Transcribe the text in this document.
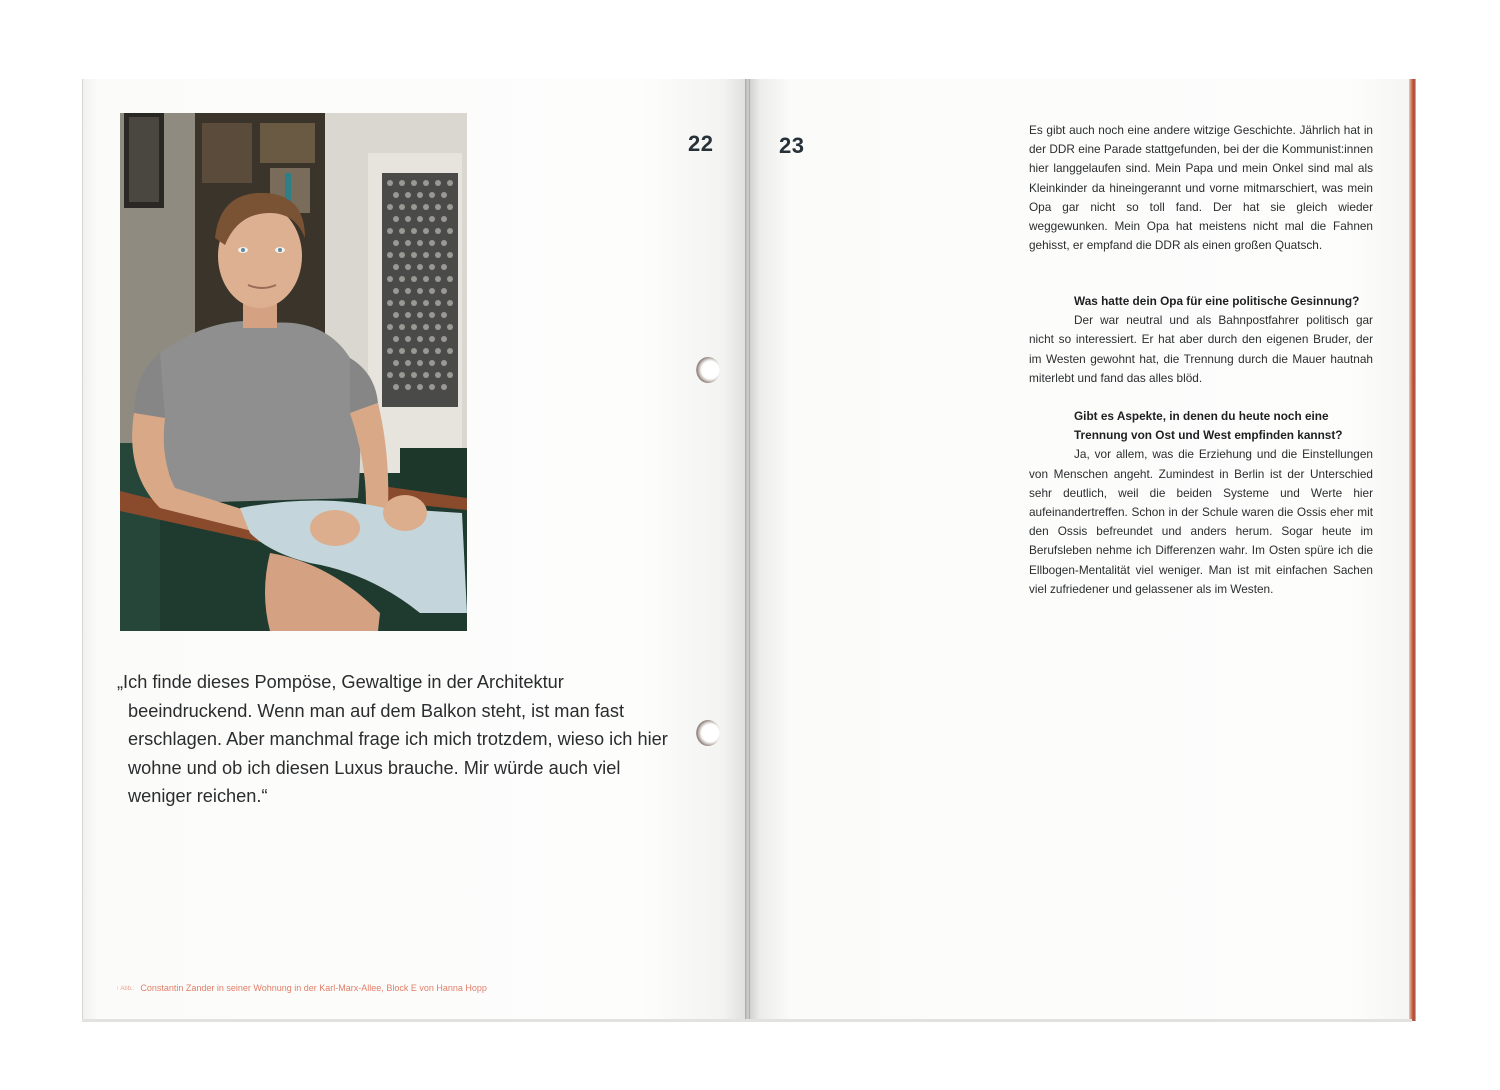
22

„Ich finde dieses Pompöse, Gewaltige in der Architektur beeindruckend. Wenn man auf dem Balkon steht, ist man fast erschlagen. Aber manchmal frage ich mich trotzdem, wieso ich hier wohne und ob ich diesen Luxus brauche. Mir würde auch viel weniger reichen.“

↑ Abb.: Constantin Zander in seiner Wohnung in der Karl-Marx-Allee, Block E von Hanna Hopp

23

Es gibt auch noch eine andere witzige Geschichte. Jährlich hat in der DDR eine Parade stattgefunden, bei der die Kommunist:innen hier langgelaufen sind. Mein Papa und mein Onkel sind mal als Kleinkinder da hineingerannt und vorne mitmarschiert, was mein Opa gar nicht so toll fand. Der hat sie gleich wieder weggewunken. Mein Opa hat meistens nicht mal die Fahnen gehisst, er empfand die DDR als einen großen Quatsch.

Was hatte dein Opa für eine politische Gesinnung?
Der war neutral und als Bahnpostfahrer politisch gar nicht so interessiert. Er hat aber durch den eigenen Bruder, der im Westen gewohnt hat, die Trennung durch die Mauer hautnah miterlebt und fand das alles blöd.
Gibt es Aspekte, in denen du heute noch eine Trennung von Ost und West empfinden kannst?
Ja, vor allem, was die Erziehung und die Einstellungen von Menschen angeht. Zumindest in Berlin ist der Unterschied sehr deutlich, weil die beiden Systeme und Werte hier aufeinandertreffen. Schon in der Schule waren die Ossis eher mit den Ossis befreundet und anders herum. Sogar heute im Berufsleben nehme ich Differenzen wahr. Im Osten spüre ich die Ellbogen-Mentalität viel weniger. Man ist mit einfachen Sachen viel zufriedener und gelassener als im Westen.
